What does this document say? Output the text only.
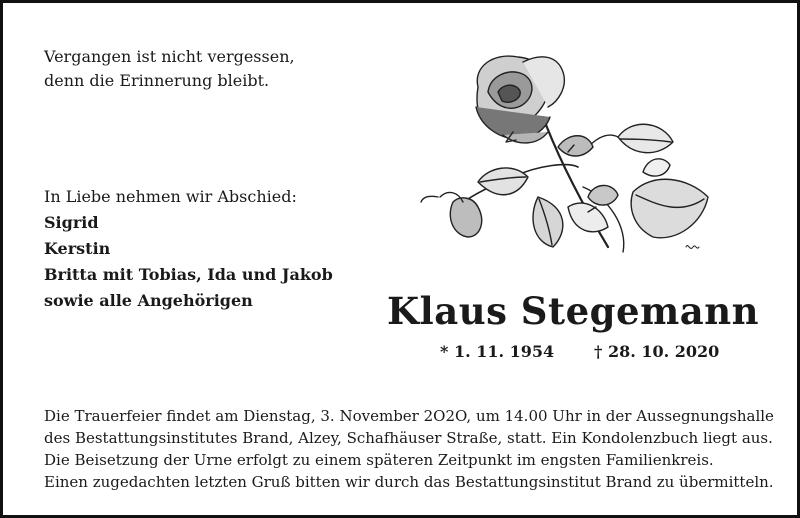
Vergangen ist nicht vergessen,
denn die Erinnerung bleibt.
In Liebe nehmen wir Abschied:
Sigrid
Kerstin
Britta mit Tobias, Ida und Jakob
sowie alle Angehörigen	Klaus Stegemann
* 1. 11. 1954 † 28. 10. 2020
Die Trauerfeier findet am Dienstag, 3. November 2O2O, um 14.00 Uhr in der Aussegnungshalle
des Bestattungsinstitutes Brand, Alzey, Schafhäuser Straße, statt. Ein Kondolenzbuch liegt aus.
Die Beisetzung der Urne erfolgt zu einem späteren Zeitpunkt im engsten Familienkreis.
Einen zugedachten letzten Gruß bitten wir durch das Bestattungsinstitut Brand zu übermitteln.
